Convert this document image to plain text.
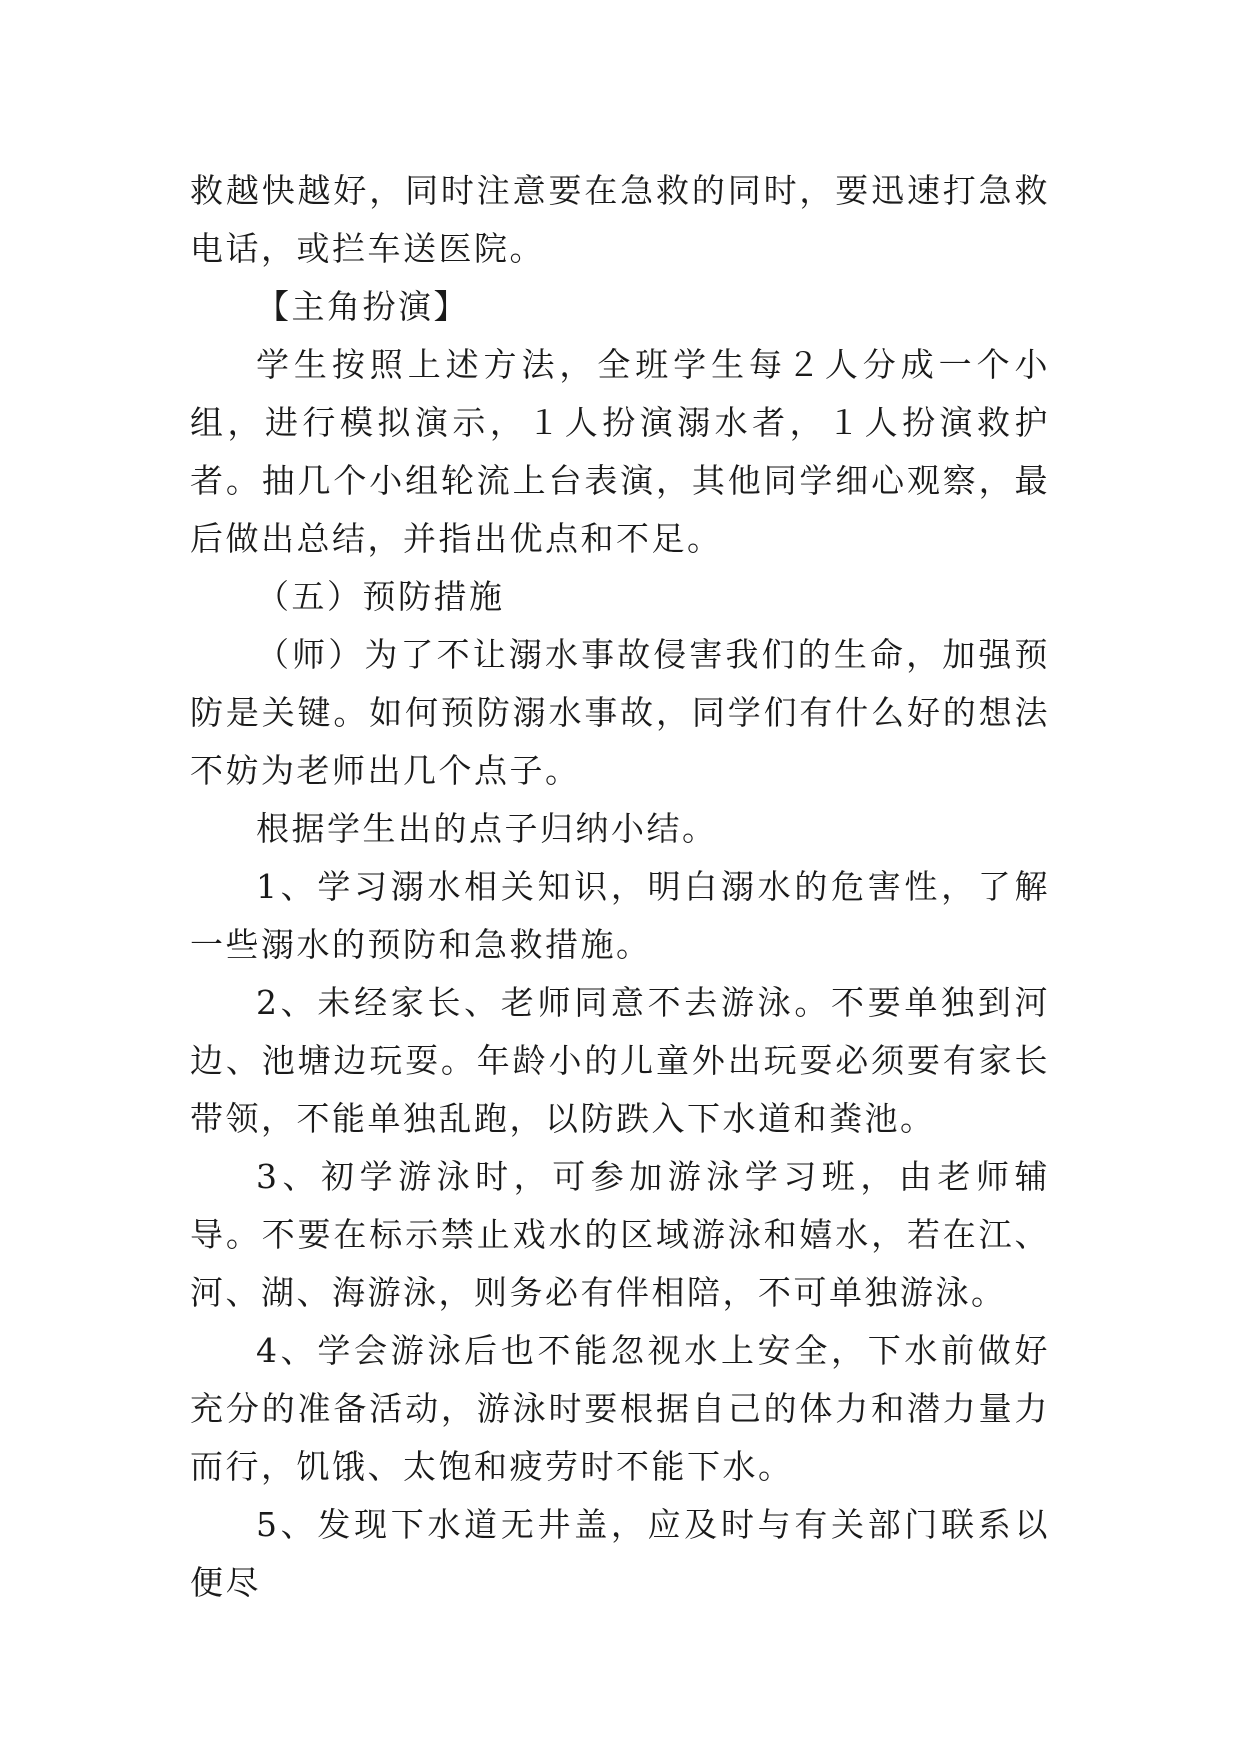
救越快越好，同时注意要在急救的同时，要迅速打急救电话，或拦车送医院。

【主角扮演】

学生按照上述方法，全班学生每２人分成一个小组，进行模拟演示，１人扮演溺水者，１人扮演救护者。抽几个小组轮流上台表演，其他同学细心观察，最后做出总结，并指出优点和不足。

（五）预防措施

（师）为了不让溺水事故侵害我们的生命，加强预防是关键。如何预防溺水事故，同学们有什么好的想法不妨为老师出几个点子。

根据学生出的点子归纳小结。

1、学习溺水相关知识，明白溺水的危害性，了解一些溺水的预防和急救措施。

2、未经家长、老师同意不去游泳。不要单独到河边、池塘边玩耍。年龄小的儿童外出玩耍必须要有家长带领，不能单独乱跑，以防跌入下水道和粪池。

3、初学游泳时，可参加游泳学习班，由老师辅导。不要在标示禁止戏水的区域游泳和嬉水，若在江、河、湖、海游泳，则务必有伴相陪，不可单独游泳。

4、学会游泳后也不能忽视水上安全，下水前做好充分的准备活动，游泳时要根据自己的体力和潜力量力而行，饥饿、太饱和疲劳时不能下水。

5、发现下水道无井盖，应及时与有关部门联系以便尽
